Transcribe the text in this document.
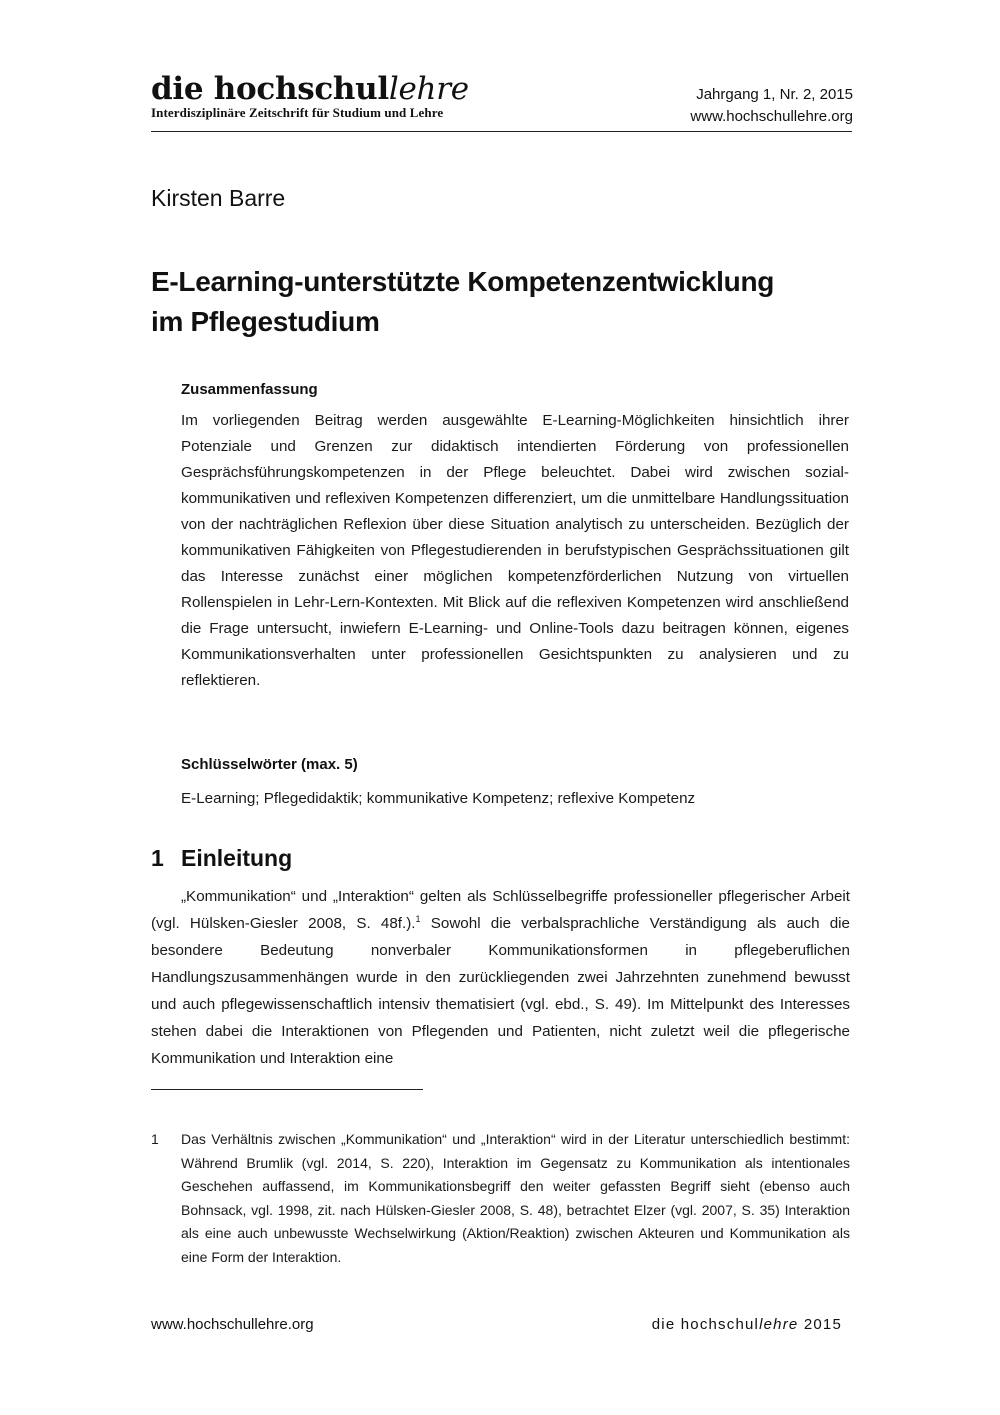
die hochschullehre
Interdisziplinäre Zeitschrift für Studium und Lehre
Jahrgang 1, Nr. 2, 2015
www.hochschullehre.org
Kirsten Barre
E-Learning-unterstützte Kompetenzentwicklung
im Pflegestudium
Zusammenfassung
Im vorliegenden Beitrag werden ausgewählte E-Learning-Möglichkeiten hinsichtlich ihrer Potenziale und Grenzen zur didaktisch intendierten Förderung von professionellen Gesprächsführungskompetenzen in der Pflege beleuchtet. Dabei wird zwischen sozial-kommunikativen und reflexiven Kompetenzen differenziert, um die unmittelbare Handlungssituation von der nachträglichen Reflexion über diese Situation analytisch zu unterscheiden. Bezüglich der kommunikativen Fähigkeiten von Pflegestudierenden in berufstypischen Gesprächssituationen gilt das Interesse zunächst einer möglichen kompetenzförderlichen Nutzung von virtuellen Rollenspielen in Lehr-Lern-Kontexten. Mit Blick auf die reflexiven Kompetenzen wird anschließend die Frage untersucht, inwiefern E-Learning- und Online-Tools dazu beitragen können, eigenes Kommunikationsverhalten unter professionellen Gesichtspunkten zu analysieren und zu reflektieren.
Schlüsselwörter (max. 5)
E-Learning; Pflegedidaktik; kommunikative Kompetenz; reflexive Kompetenz
1 Einleitung

„Kommunikation“ und „Interaktion“ gelten als Schlüsselbegriffe professioneller pflegerischer Arbeit (vgl. Hülsken-Giesler 2008, S. 48f.).$^1$ Sowohl die verbalsprachliche Verständigung als auch die besondere Bedeutung nonverbaler Kommunikationsformen in pflegeberuflichen Handlungszusammenhängen wurde in den zurückliegenden zwei Jahrzehnten zunehmend bewusst und auch pflegewissenschaftlich intensiv thematisiert (vgl. ebd., S. 49). Im Mittelpunkt des Interesses stehen dabei die Interaktionen von Pflegenden und Patienten, nicht zuletzt weil die pflegerische Kommunikation und Interaktion eine

1 Das Verhältnis zwischen „Kommunikation“ und „Interaktion“ wird in der Literatur unterschiedlich bestimmt: Während Brumlik (vgl. 2014, S. 220), Interaktion im Gegensatz zu Kommunikation als intentionales Geschehen auffassend, im Kommunikationsbegriff den weiter gefassten Begriff sieht (ebenso auch Bohnsack, vgl. 1998, zit. nach Hülsken-Giesler 2008, S. 48), betrachtet Elzer (vgl. 2007, S. 35) Interaktion als eine auch unbewusste Wechselwirkung (Aktion/Reaktion) zwischen Akteuren und Kommunikation als eine Form der Interaktion.
www.hochschullehre.org	die hochschullehre 2015
